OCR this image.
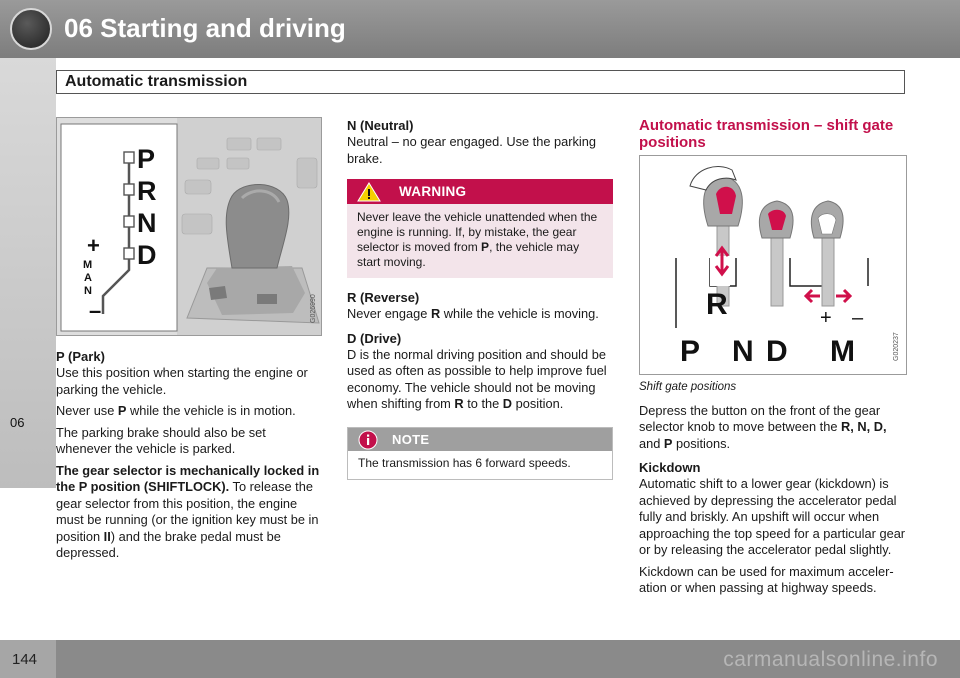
06 Starting and driving
Automatic transmission
06
P
R
N
D
M
A
N
+
–	G026990
P (Park)

Use this position when starting the engine or parking the vehicle.

Never use P while the vehicle is in motion.

The parking brake should also be set whenever the vehicle is parked.

The gear selector is mechanically locked in the P position (SHIFTLOCK). To release the gear selector from this position, the engine must be running (or the ignition key must be in position II) and the brake pedal must be depressed.

N (Neutral)

Neutral – no gear engaged. Use the parking brake.

WARNING
Never leave the vehicle unattended when the engine is running. If, by mistake, the gear selector is moved from P, the vehicle may start moving.
R (Reverse)

Never engage R while the vehicle is moving.

D (Drive)

D is the normal driving position and should be used as often as possible to help improve fuel economy. The vehicle should not be moving when shifting from R to the D position.

NOTE
The transmission has 6 forward speeds.
Automatic transmission – shift gate positions
R
P N D M
+ –
G020237
Shift gate positions

Depress the button on the front of the gear selector knob to move between the R, N, D, and P positions.

Kickdown

Automatic shift to a lower gear (kickdown) is achieved by depressing the accelerator pedal fully and briskly. An upshift will occur when approaching the top speed for a particular gear or by releasing the accelerator pedal slightly.

Kickdown can be used for maximum acceler-ation or when passing at highway speeds.

144	carmanualsonline.info
